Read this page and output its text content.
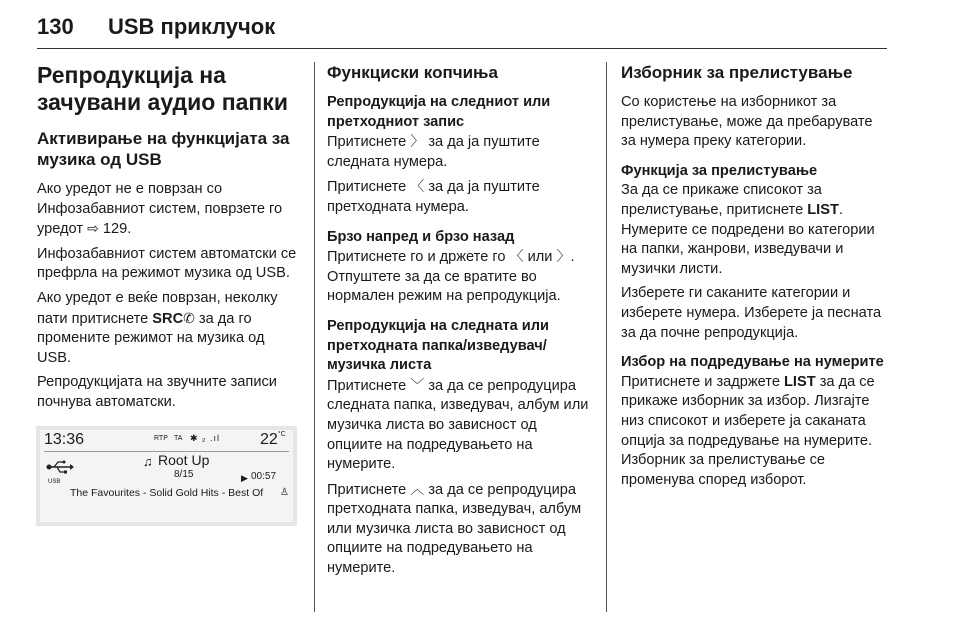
130 USB приклучок
Репродукција на зачувани аудио папки
Активирање на функцијата за музика од USB

Ако уредот не е поврзан со Инфозабавниот систем, поврзете го уредот ⇨ 129.

Инфозабавниот систем автоматски се префрла на режимот музика од USB.

Ако уредот е веќе поврзан, неколку пати притиснете SRC✆ за да го промените режимот на музика од USB.

Репродукцијата на звучните записи почнува автоматски.

13:36	RTP TA ✱ ₂ .ıl $22^{^\circ C}$
USB
♫ Root Up
8/15	▶ 00:57
The Favourites - Solid Gold Hits - Best Of ♙
Функциски копчиња
Репродукција на следниот или претходниот запис

Притиснете 〉 за да ја пуштите следната нумера.

Притиснете 〈 за да ја пуштите претходната нумера.

Брзо напред и брзо назад

Притиснете го и држете го 〈 или 〉. Отпуштете за да се вратите во нормален режим на репродукција.

Репродукција на следната или претходната папка/изведувач/музичка листа

Притиснете ﹀ за да се репродуцира следната папка, изведувач, албум или музичка листа во зависност од опциите на подредувањето на нумерите.

Притиснете ︿ за да се репродуцира претходната папка, изведувач, албум или музичка листа во зависност од опциите на подредувањето на нумерите.

Изборник за прелистување

Со користење на изборникот за прелистување, може да пребарувате за нумера преку категории.

Функција за прелистување

За да се прикаже списокот за прелистување, притиснете LIST. Нумерите се подредени во категории на папки, жанрови, изведувачи и музички листи.

Изберете ги саканите категории и изберете нумера. Изберете ја песната за да почне репродукција.

Избор на подредување на нумерите

Притиснете и задржете LIST за да се прикаже изборник за избор. Лизгајте низ списокот и изберете ја саканата опција за подредување на нумерите. Изборник за прелистување се променува според изборот.
